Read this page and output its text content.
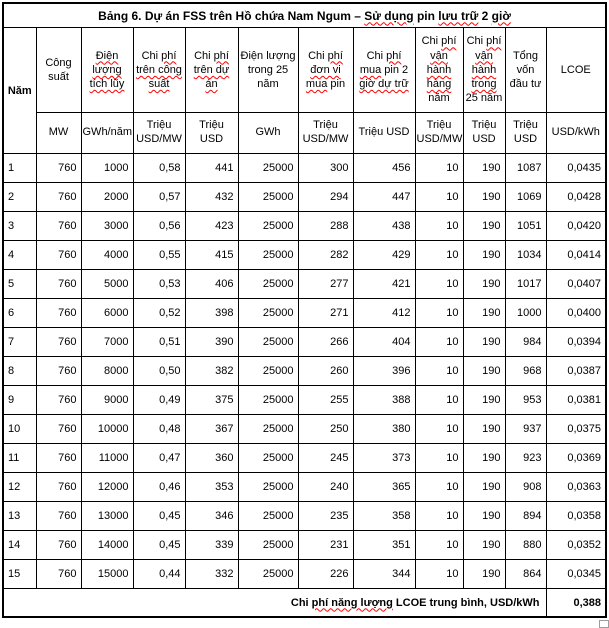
Bảng 6. Dự án FSS trên Hồ chứa Nam Ngum – Sử dụng pin lưu trữ 2 giờ											
Năm	Công suất	Điện lượng tích lũy	Chi phí trên công suất	Chi phí trên dự án	Điện lượng trong 25 năm	Chi phí đơn vi mua pin	Chi phí mua pin 2 giờ dự trữ	Chi phí vận hành hàng năm	Chi phí vận hành trong 25 năm	Tổng vốn đầu tư	LCOE
	MW	GWh/năm	Triệu USD/MW	Triệu USD	GWh	Triệu USD/MW	Triệu USD	Triệu USD/MW	Triệu USD	Triệu USD	USD/kWh
1	760	1000	0,58	441	25000	300	456	10	190	1087	0,0435
2	760	2000	0,57	432	25000	294	447	10	190	1069	0,0428
3	760	3000	0,56	423	25000	288	438	10	190	1051	0,0420
4	760	4000	0,55	415	25000	282	429	10	190	1034	0,0414
5	760	5000	0,53	406	25000	277	421	10	190	1017	0,0407
6	760	6000	0,52	398	25000	271	412	10	190	1000	0,0400
7	760	7000	0,51	390	25000	266	404	10	190	984	0,0394
8	760	8000	0,50	382	25000	260	396	10	190	968	0,0387
9	760	9000	0,49	375	25000	255	388	10	190	953	0,0381
10	760	10000	0,48	367	25000	250	380	10	190	937	0,0375
11	760	11000	0,47	360	25000	245	373	10	190	923	0,0369
12	760	12000	0,46	353	25000	240	365	10	190	908	0,0363
13	760	13000	0,45	346	25000	235	358	10	190	894	0,0358
14	760	14000	0,45	339	25000	231	351	10	190	880	0,0352
15	760	15000	0,44	332	25000	226	344	10	190	864	0,0345
Chi phí năng lượng LCOE trung bình, USD/kWh											0,388
